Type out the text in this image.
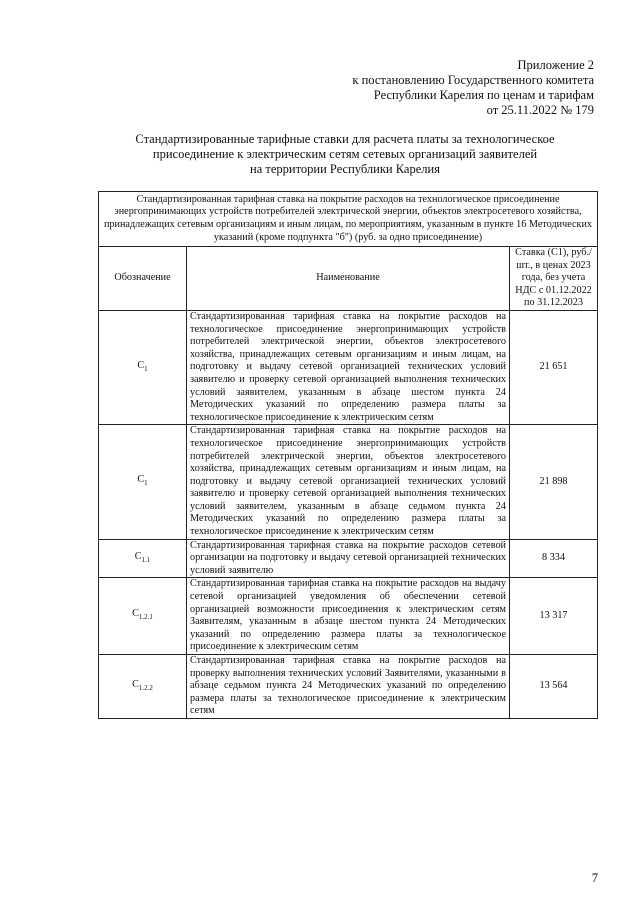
Приложение 2
к постановлению Государственного комитета
Республики Карелия по ценам и тарифам
от 25.11.2022 № 179
Стандартизированные тарифные ставки для расчета платы за технологическое
присоединение к электрическим сетям сетевых организаций заявителей
на территории Республики Карелия
Стандартизированная тарифная ставка на покрытие расходов на технологическое присоединение энергопринимающих устройств потребителей электрической энергии, объектов электросетевого хозяйства, принадлежащих сетевым организациям и иным лицам, по мероприятиям, указанным в пункте 16 Методических указаний (кроме подпункта "б") (руб. за одно присоединение)		
Обозначение	Наименование	Ставка (С1), руб./шт., в ценах 2023 года, без учета НДС с 01.12.2022 по 31.12.2023
$C_1$	Стандартизированная тарифная ставка на покрытие расходов на технологическое присоединение энергопринимающих устройств потребителей электрической энергии, объектов электросетевого хозяйства, принадлежащих сетевым организациям и иным лицам, на подготовку и выдачу сетевой организацией технических условий заявителю и проверку сетевой организацией выполнения технических условий заявителем, указанным в абзаце шестом пункта 24 Методических указаний по определению размера платы за технологическое присоединение к электрическим сетям	21 651
$C_1$	Стандартизированная тарифная ставка на покрытие расходов на технологическое присоединение энергопринимающих устройств потребителей электрической энергии, объектов электросетевого хозяйства, принадлежащих сетевым организациям и иным лицам, на подготовку и выдачу сетевой организацией технических условий заявителю и проверку сетевой организацией выполнения технических условий заявителем, указанным в абзаце седьмом пункта 24 Методических указаний по определению размера платы за технологическое присоединение к электрическим сетям	21 898
$C_{1.1}$	Стандартизированная тарифная ставка на покрытие расходов сетевой организации на подготовку и выдачу сетевой организацией технических условий заявителю	8 334
$C_{1.2.1}$	Стандартизированная тарифная ставка на покрытие расходов на выдачу сетевой организацией уведомления об обеспечении сетевой организацией возможности присоединения к электрическим сетям Заявителям, указанным в абзаце шестом пункта 24 Методических указаний по определению размера платы за технологическое присоединение к электрическим сетям	13 317
$C_{1.2.2}$	Стандартизированная тарифная ставка на покрытие расходов на проверку выполнения технических условий Заявителями, указанными в абзаце седьмом пункта 24 Методических указаний по определению размера платы за технологическое присоединение к электрическим сетям	13 564
7
